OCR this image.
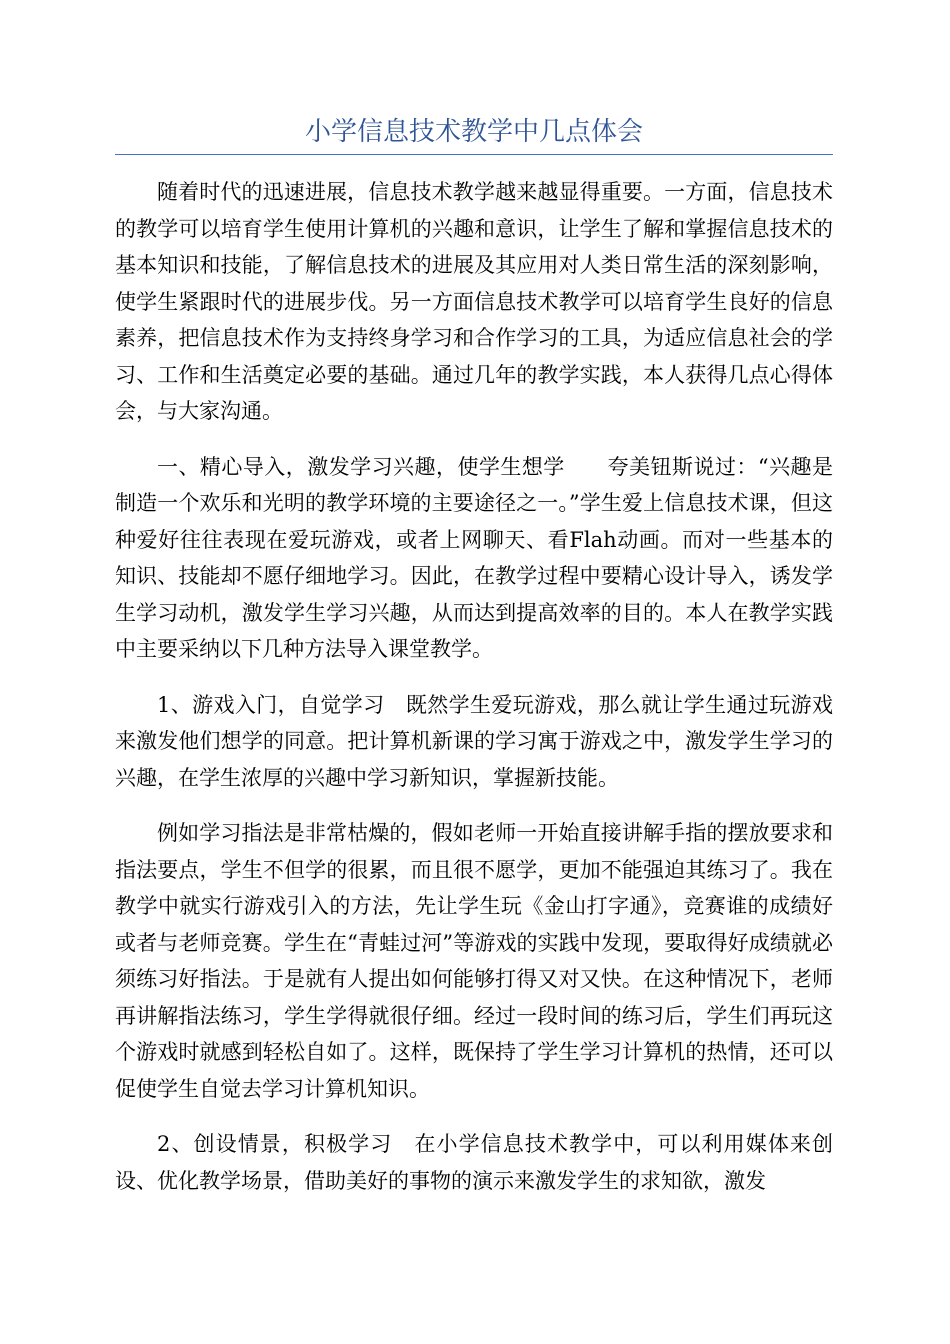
小学信息技术教学中几点体会

随着时代的迅速进展，信息技术教学越来越显得重要。一方面，信息技术的教学可以培育学生使用计算机的兴趣和意识，让学生了解和掌握信息技术的基本知识和技能，了解信息技术的进展及其应用对人类日常生活的深刻影响，使学生紧跟时代的进展步伐。另一方面信息技术教学可以培育学生良好的信息素养，把信息技术作为支持终身学习和合作学习的工具，为适应信息社会的学习、工作和生活奠定必要的基础。通过几年的教学实践，本人获得几点心得体会，与大家沟通。

一、精心导入，激发学习兴趣，使学生想学　　夸美钮斯说过：“兴趣是制造一个欢乐和光明的教学环境的主要途径之一。”学生爱上信息技术课，但这种爱好往往表现在爱玩游戏，或者上网聊天、看Flah动画。而对一些基本的知识、技能却不愿仔细地学习。因此，在教学过程中要精心设计导入，诱发学生学习动机，激发学生学习兴趣，从而达到提高效率的目的。本人在教学实践中主要采纳以下几种方法导入课堂教学。

1、游戏入门，自觉学习　既然学生爱玩游戏，那么就让学生通过玩游戏来激发他们想学的同意。把计算机新课的学习寓于游戏之中，激发学生学习的兴趣，在学生浓厚的兴趣中学习新知识，掌握新技能。

例如学习指法是非常枯燥的，假如老师一开始直接讲解手指的摆放要求和指法要点，学生不但学的很累，而且很不愿学，更加不能强迫其练习了。我在教学中就实行游戏引入的方法，先让学生玩《金山打字通》，竞赛谁的成绩好或者与老师竞赛。学生在“青蛙过河”等游戏的实践中发现，要取得好成绩就必须练习好指法。于是就有人提出如何能够打得又对又快。在这种情况下，老师再讲解指法练习，学生学得就很仔细。经过一段时间的练习后，学生们再玩这个游戏时就感到轻松自如了。这样，既保持了学生学习计算机的热情，还可以促使学生自觉去学习计算机知识。

2、创设情景，积极学习　在小学信息技术教学中，可以利用媒体来创设、优化教学场景，借助美好的事物的演示来激发学生的求知欲，激发
